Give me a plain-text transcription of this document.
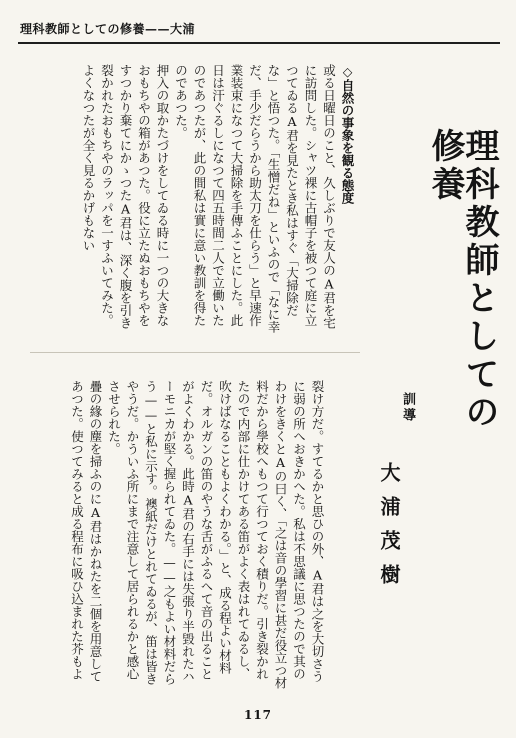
理科教師としての修養——大浦
理科教師としての修養
訓導
大浦茂樹

◇自然の事象を観る態度

或る日曜日のこと、久しぶりで友人のA君を宅に訪問した。シャツ裸に古帽子を被つて庭に立つてゐるA君を見たとき私はすぐ「大掃除だな」と悟つた。「生憎だね」といふので「なに幸だ、手少だらうから助太刀を仕らう」と早速作業装束になつて大掃除を手傳ふことにした。此日は汗ぐるしになつて四五時間二人で立働いたのであつたが、此の間私は實に意い教訓を得たのであつた。

押入の取かたづけをしてゐる時に一つの大きなおもちやの箱があつた。役に立たぬおもちやをすつかり棄てにかゝつたA君は、深く腹を引き裂かれたおもちやのラッパを一すふいてみた。よくなつたが全く見るかげもない

裂け方だ。すてるかと思ひの外、A君は之を大切さうに弱の所へおきかへた。私は不思議に思つたので其のわけをきくとAの曰く、「之は音の學習に甚だ役立つ材料だから學校へもつて行つておく積りだ。引き裂かれたので内部に仕かけてある笛がよく表はれてゐるし、吹けばなることもよくわかる。」と、成る程よい材料だ。オルガンの笛のやうな舌がふるへて音の出ることがよくわかる。此時A君の右手には失張り半毀れたハーモニカが堅く握られてゐた。——之もよい材料だらう——と私に示す。襖紙だけとれてゐるが、笛は皆きやうだ。かういふ所にまで注意して居られるかと感心させられた。

疊の緣の塵を掃ふのにA君はかねたを二個を用意してあつた。使つてみると成る程布に吸ひ込まれた芥もよ

117
